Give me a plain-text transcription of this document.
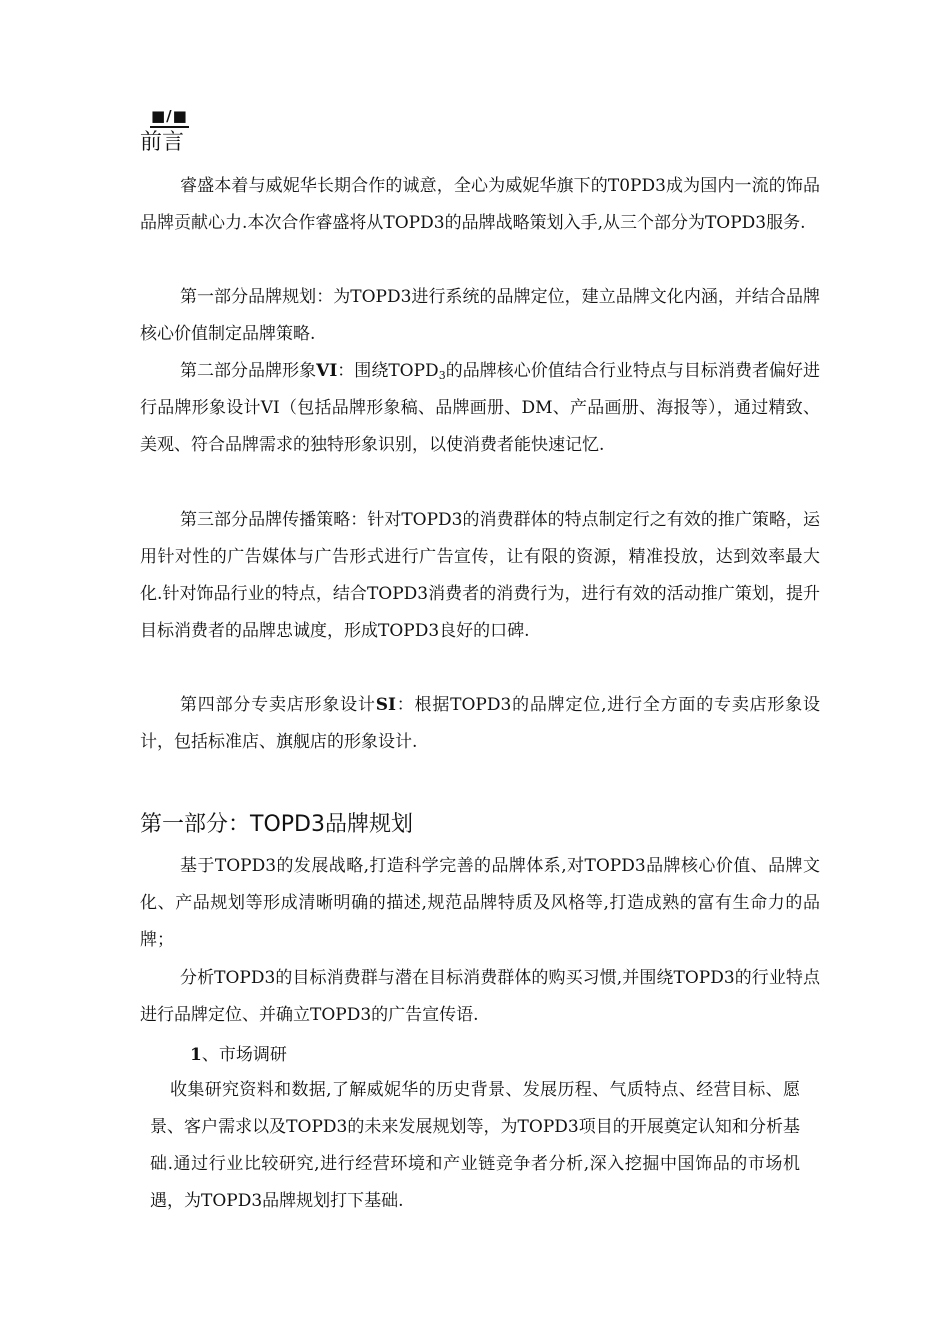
■/■
前言

睿盛本着与威妮华长期合作的诚意，全心为威妮华旗下的T0PD3成为国内一流的饰品品牌贡献心力.本次合作睿盛将从TOPD3的品牌战略策划入手,从三个部分为TOPD3服务.

第一部分品牌规划：为TOPD3进行系统的品牌定位，建立品牌文化内涵，并结合品牌核心价值制定品牌策略.

第二部分品牌形象VI：围绕$TOPD_3$的品牌核心价值结合行业特点与目标消费者偏好进行品牌形象设计VI（包括品牌形象稿、品牌画册、DM、产品画册、海报等），通过精致、美观、符合品牌需求的独特形象识别，以使消费者能快速记忆.

第三部分品牌传播策略：针对TOPD3的消费群体的特点制定行之有效的推广策略，运用针对性的广告媒体与广告形式进行广告宣传，让有限的资源，精准投放，达到效率最大化.针对饰品行业的特点，结合TOPD3消费者的消费行为，进行有效的活动推广策划，提升目标消费者的品牌忠诚度，形成TOPD3良好的口碑.

第四部分专卖店形象设计SI：根据TOPD3的品牌定位,进行全方面的专卖店形象设计，包括标准店、旗舰店的形象设计.

第一部分：TOPD3品牌规划

基于TOPD3的发展战略,打造科学完善的品牌体系,对TOPD3品牌核心价值、品牌文化、产品规划等形成清晰明确的描述,规范品牌特质及风格等,打造成熟的富有生命力的品牌；

分析TOPD3的目标消费群与潜在目标消费群体的购买习惯,并围绕TOPD3的行业特点进行品牌定位、并确立TOPD3的广告宣传语.

1、市场调研

收集研究资料和数据,了解威妮华的历史背景、发展历程、气质特点、经营目标、愿景、客户需求以及TOPD3的未来发展规划等，为TOPD3项目的开展奠定认知和分析基础.通过行业比较研究,进行经营环境和产业链竞争者分析,深入挖掘中国饰品的市场机遇，为TOPD3品牌规划打下基础.
